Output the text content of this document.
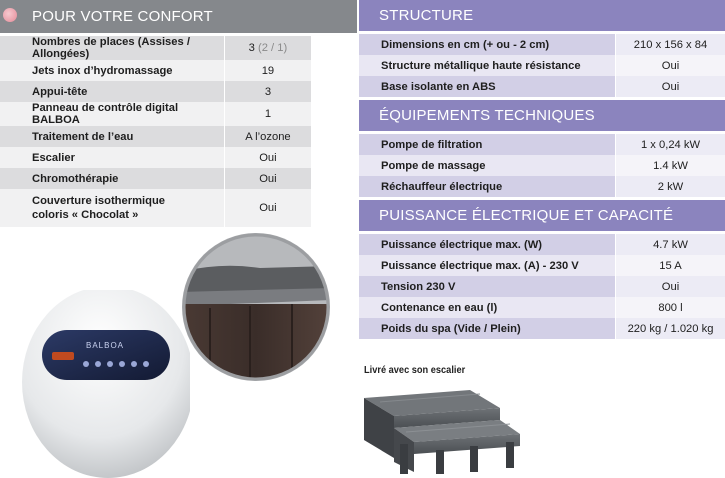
POUR VOTRE CONFORT
Nombres de places (Assises / Allongées)	3 (2 / 1)
Jets inox d’hydromassage	19
Appui-tête	3
Panneau de contrôle digital BALBOA	1
Traitement de l’eau	A l’ozone
Escalier	Oui
Chromothérapie	Oui
Couverture isothermique
coloris « Chocolat »	Oui
STRUCTURE
Dimensions en cm (+ ou - 2 cm)	210 x 156 x 84
Structure métallique haute résistance	Oui
Base isolante en ABS	Oui
ÉQUIPEMENTS TECHNIQUES
Pompe de filtration	1 x 0,24 kW
Pompe de massage	1.4 kW
Réchauffeur électrique	2 kW
PUISSANCE ÉLECTRIQUE ET CAPACITÉ
Puissance électrique max. (W)	4.7 kW
Puissance électrique max. (A) - 230 V	15 A
Tension 230 V	Oui
Contenance en eau (l)	800 l
Poids du spa (Vide / Plein)	220 kg / 1.020 kg
Livré avec son escalier
BALBOA
